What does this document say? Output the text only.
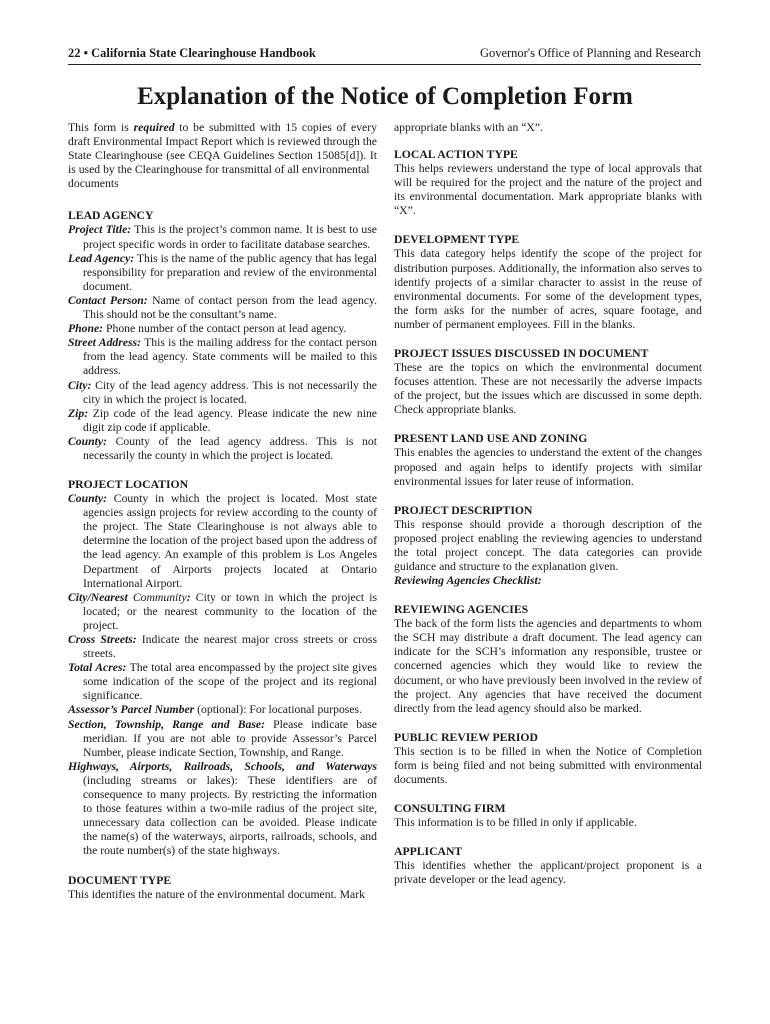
22 • California State Clearinghouse Handbook	Governor's Office of Planning and Research
Explanation of the Notice of Completion Form

This form is required to be submitted with 15 copies of every draft Environmental Impact Report which is reviewed through the State Clearinghouse (see CEQA Guidelines Section 15085[d]). It is used by the Clearinghouse for transmittal of all environmental

documents

LEAD AGENCY

Project Title: This is the project’s common name. It is best to use project specific words in order to facilitate database searches.

Lead Agency: This is the name of the public agency that has legal responsibility for preparation and review of the environmental document.

Contact Person: Name of contact person from the lead agency. This should not be the consultant’s name.

Phone: Phone number of the contact person at lead agency.

Street Address: This is the mailing address for the contact person from the lead agency. State comments will be mailed to this address.

City: City of the lead agency address. This is not necessarily the city in which the project is located.

Zip: Zip code of the lead agency. Please indicate the new nine digit zip code if applicable.

County: County of the lead agency address. This is not necessarily the county in which the project is located.

PROJECT LOCATION

County: County in which the project is located. Most state agencies assign projects for review according to the county of the project. The State Clearinghouse is not always able to determine the location of the project based upon the address of the lead agency. An example of this problem is Los Angeles Department of Airports projects located at Ontario International Airport.

City/Nearest Community: City or town in which the project is located; or the nearest community to the location of the project.

Cross Streets: Indicate the nearest major cross streets or cross streets.

Total Acres: The total area encompassed by the project site gives some indication of the scope of the project and its regional significance.

Assessor’s Parcel Number (optional): For locational purposes.

Section, Township, Range and Base: Please indicate base meridian. If you are not able to provide Assessor’s Parcel Number, please indicate Section, Township, and Range.

Highways, Airports, Railroads, Schools, and Waterways (including streams or lakes): These identifiers are of consequence to many projects. By restricting the information to those features within a two-mile radius of the project site, unnecessary data collection can be avoided. Please indicate the name(s) of the waterways, airports, railroads, schools, and the route number(s) of the state highways.

DOCUMENT TYPE

This identifies the nature of the environmental document. Mark

appropriate blanks with an “X”.

LOCAL ACTION TYPE

This helps reviewers understand the type of local approvals that will be required for the project and the nature of the project and its environmental documentation. Mark appropriate blanks with “X”.

DEVELOPMENT TYPE

This data category helps identify the scope of the project for distribution purposes. Additionally, the information also serves to identify projects of a similar character to assist in the reuse of environmental documents. For some of the development types, the form asks for the number of acres, square footage, and number of permanent employees. Fill in the blanks.

PROJECT ISSUES DISCUSSED IN DOCUMENT

These are the topics on which the environmental document focuses attention. These are not necessarily the adverse impacts of the project, but the issues which are discussed in some depth. Check appropriate blanks.

PRESENT LAND USE AND ZONING

This enables the agencies to understand the extent of the changes proposed and again helps to identify projects with similar environmental issues for later reuse of information.

PROJECT DESCRIPTION

This response should provide a thorough description of the proposed project enabling the reviewing agencies to understand the total project concept. The data categories can provide guidance and structure to the explanation given.

Reviewing Agencies Checklist:

REVIEWING AGENCIES

The back of the form lists the agencies and departments to whom the SCH may distribute a draft document. The lead agency can indicate for the SCH’s information any responsible, trustee or concerned agencies which they would like to review the document, or who have previously been involved in the review of the project. Any agencies that have received the document directly from the lead agency should also be marked.

PUBLIC REVIEW PERIOD

This section is to be filled in when the Notice of Completion form is being filed and not being submitted with environmental documents.

CONSULTING FIRM

This information is to be filled in only if applicable.

APPLICANT

This identifies whether the applicant/project proponent is a private developer or the lead agency.
